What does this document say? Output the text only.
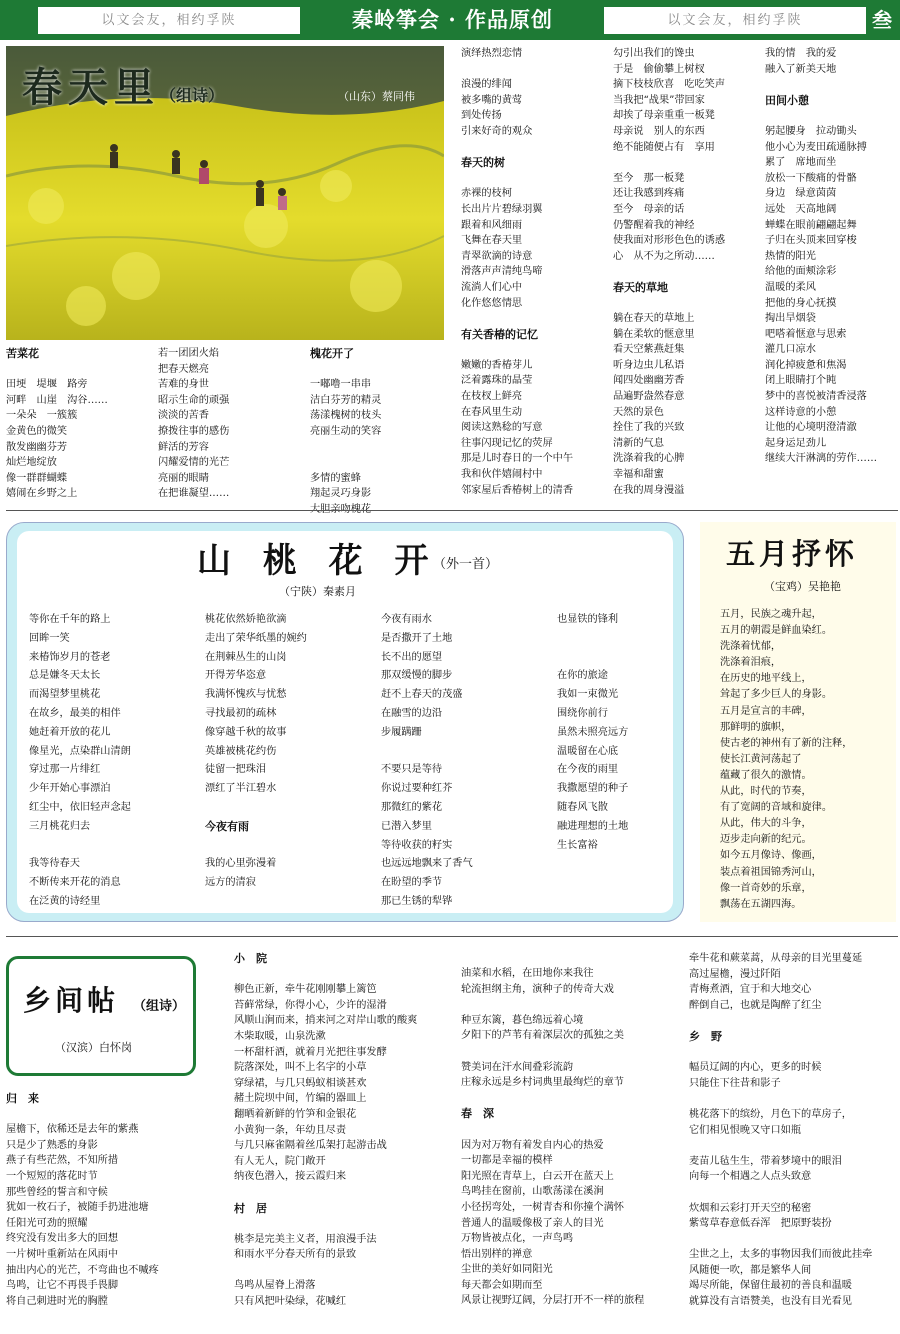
以文会友，相约孚陕	秦岭筝会 · 作品原创	以文会友，相约孚陕	叁
春天里（组诗）	（山东）蔡同伟
苦菜花
田埂　堤堰　路旁
河畔　山崖　沟谷……
一朵朵　一簇簇
金黄色的微笑
散发幽幽芬芳
灿烂地绽放
像一群群蝴蝶
嬉闹在乡野之上
若一团团火焰
把春天燃亮
苦难的身世
昭示生命的顽强
淡淡的苦香
撩拨往事的感伤
鲜活的芳容
闪耀爱情的光芒
亮丽的眼睛
在把谁凝望……
槐花开了
一嘟噜一串串
洁白芬芳的精灵
荡漾槐树的枝头
亮丽生动的笑容
多情的蜜蜂
翔起灵巧身影
演绎热烈恋情
浪漫的绯闻
被多嘴的黄莺
到处传扬
引来好奇的观众
春天的树
赤裸的枝柯
长出片片碧绿羽翼
跟着和风细雨
飞舞在春天里
青翠欲滴的诗意
滑落声声清纯鸟啼
流淌人们心中
化作悠悠情思
有关香椿的记忆
嫩嫩的香椿芽儿
泛着露珠的晶莹
在枝杈上鲜亮
在春风里生动
阅读这熟稔的写意
往事闪现记忆的荧屏
那是儿时春日的一个中午
我和伙伴嬉闹村中
邻家屋后香椿树上的清香
勾引出我们的馋虫
于是　偷偷攀上树杈
摘下枝枝欣喜　吃吃笑声
当我把“战果”带回家
却挨了母亲重重一板凳
母亲说　别人的东西
绝不能随便占有　享用
至今　那一板凳
还让我感到疼痛
至今　母亲的话
仍警醒着我的神经
使我面对形形色色的诱惑
心　从不为之所动……
春天的草地
躺在春天的草地上
躺在柔软的惬意里
看天空紫燕赶集
听身边虫儿私语
闻四处幽幽芳香
品遍野盎然春意
天然的景色
拴住了我的兴致
清新的气息
洗涤着我的心脾
幸福和甜蜜
在我的周身漫溢
我的情　我的爱
融入了新美天地
田间小憩
躬起腰身　拉动锄头
他小心为麦田疏通脉搏
累了　席地而坐
放松一下酸痛的骨骼
身边　绿意茵茵
远处　天高地阔
蝉蝶在眼前翩翩起舞
子归在头顶来回穿梭
热情的阳光
给他的面颊涂彩
温暖的柔风
把他的身心抚摸
掏出旱烟袋
吧嗒着惬意与思索
灌几口凉水
润化掉疲惫和焦渴
闭上眼睛打个盹
梦中的喜悦被清香浸落
这样诗意的小憩
让他的心境明澄清澈
起身运足劲儿
继续大汗淋漓的劳作……
山 桃 花 开
（外一首）
（宁陕）秦素月
等你在千年的路上
回眸一笑
来椿饰岁月的苍老
总是嫌冬天太长
而渴望梦里桃花
在故乡，最美的相伴
她赶着开放的花儿
像星光，点染群山清朗
穿过那一片绯红
少年开始心事漂泊
红尘中，依旧轻声念起
三月桃花归去
我等待春天
不断传来开花的消息
在泛黄的诗经里
桃花依然娇艳欲滴
走出了荣华纸墨的婉约
在荆棘丛生的山岗
开得芳华恣意
我满怀愧疚与忧愁
寻找最初的疏林
像穿越千秋的故事
英雄被桃花约伤
徒留一把珠泪
漂红了半江碧水
今夜有雨
我的心里弥漫着
远方的清寂
今夜有雨水
是否撒开了土地
长不出的愿望
那双缓慢的脚步
赶不上春天的茂盛
在融雪的边沿
步履蹒跚
不要只是等待
你说过要种红芥
那微红的紫花
已潜入梦里
等待收获的籽实
也远远地飘来了香气
在盼望的季节
那已生锈的犁铧
也显铁的锋利
在你的旅途
我如一束微光
围绕你前行
虽然未照亮远方
温暖留在心底
在今夜的雨里
我撒愿望的种子
随春风飞散
融进理想的土地
生长富裕
五月抒怀
（宝鸡）吴艳艳
五月，民族之魂升起，
五月的朝霞是鲜血染红。
洗涤着忧郁，
洗涤着泪痕，
在历史的地平线上，
耸起了多少巨人的身影。
五月是宣言的丰碑，
那鲜明的旗帜，
使古老的神州有了新的注释，
使长江黄河荡起了
蕴藏了很久的激情。
从此，时代的节奏，
有了宽阔的音域和旋律。
从此，伟大的斗争，
迈步走向新的纪元。
如今五月像诗、像画，
装点着祖国锦秀河山，
像一首奇妙的乐章，
飘荡在五湖四海。
乡间帖 （组诗）
（汉滨）白怀岗
归　来
屋檐下，依稀还是去年的紫燕
只是少了熟悉的身影
燕子有些茫然，不知所措
一个短短的落花时节
那些曾经的誓言和守候
犹如一枚石子，被随手扔进池塘
任阳光可劲的照耀
终究没有发出多大的回想
一片树叶重新站在风雨中
抽出内心的光芒，不弯曲也不喊疼
鸟鸣，让它不再畏手畏脚
将自己刺进时光的胸膛
小　院
柳色正新，牵牛花刚刚攀上篱笆
苔藓常绿，你得小心，少许的湿滑
风顺山涧而来，捎来河之对岸山歌的酸爽
木柴取暖，山泉洗漱
一杯甜杆酒，就着月光把往事发酵
院落深处，叫不上名字的小草
穿绿裙，与几只蚂蚁相谈甚欢
赭土院坝中间，竹编的器皿上
翻晒着新鲜的竹笋和金银花
小黄狗一条，年幼且尽责
与几只麻雀隔着丝瓜架打起游击战
有人无人，院门敞开
纳夜色潜入，接云霞归来
村　居
桃李是完美主义者，用浪漫手法
和雨水平分春天所有的景致
鸟鸣从屋脊上滑落
只有风把叶染绿，花喊红
油菜和水稻，在田地你来我往
轮流担纲主角，演种子的传奇大戏
种豆东篱，暮色绵远着心境
夕阳下的芦苇有着深层次的孤独之美
赞美词在汗水间叠彩流韵
庄稼永远是乡村词典里最绚烂的章节
春　深
因为对万物有着发自内心的热爱
一切都是幸福的模样
阳光照在青草上，白云开在蓝天上
鸟鸣挂在窗前，山歌荡漾在溪涧
小径拐弯处，一树青杏和你撞个满怀
普通人的温暖像极了亲人的目光
万物皆被点化，一声鸟鸣
悟出别样的禅意
尘世的美好如同阳光
每天都会如期而至
风景让视野辽阔，分层打开不一样的旅程
牵牛花和蕨菜蒿，从母亲的目光里蔓延
高过屋檐，漫过阡陌
青梅煮酒，宜于和大地交心
醉倒自己，也就是陶醉了红尘
乡　野
幅员辽阔的内心，更多的时候
只能住下往昔和影子
桃花落下的缤纷，月色下的草房子，
它们相见恨晚又守口如瓶
麦苗儿毡生生，带着梦境中的眼泪
向每一个相遇之人点头致意
炊烟和云彩打开天空的秘密
紫莺草春意低吞浑　把原野装扮
尘世之上，太多的事物因我们而彼此挂牵
风随便一吹，都是繁华人间
竭尽所能，保留住最初的善良和温暖
就算没有言语赞美，也没有目光看见
